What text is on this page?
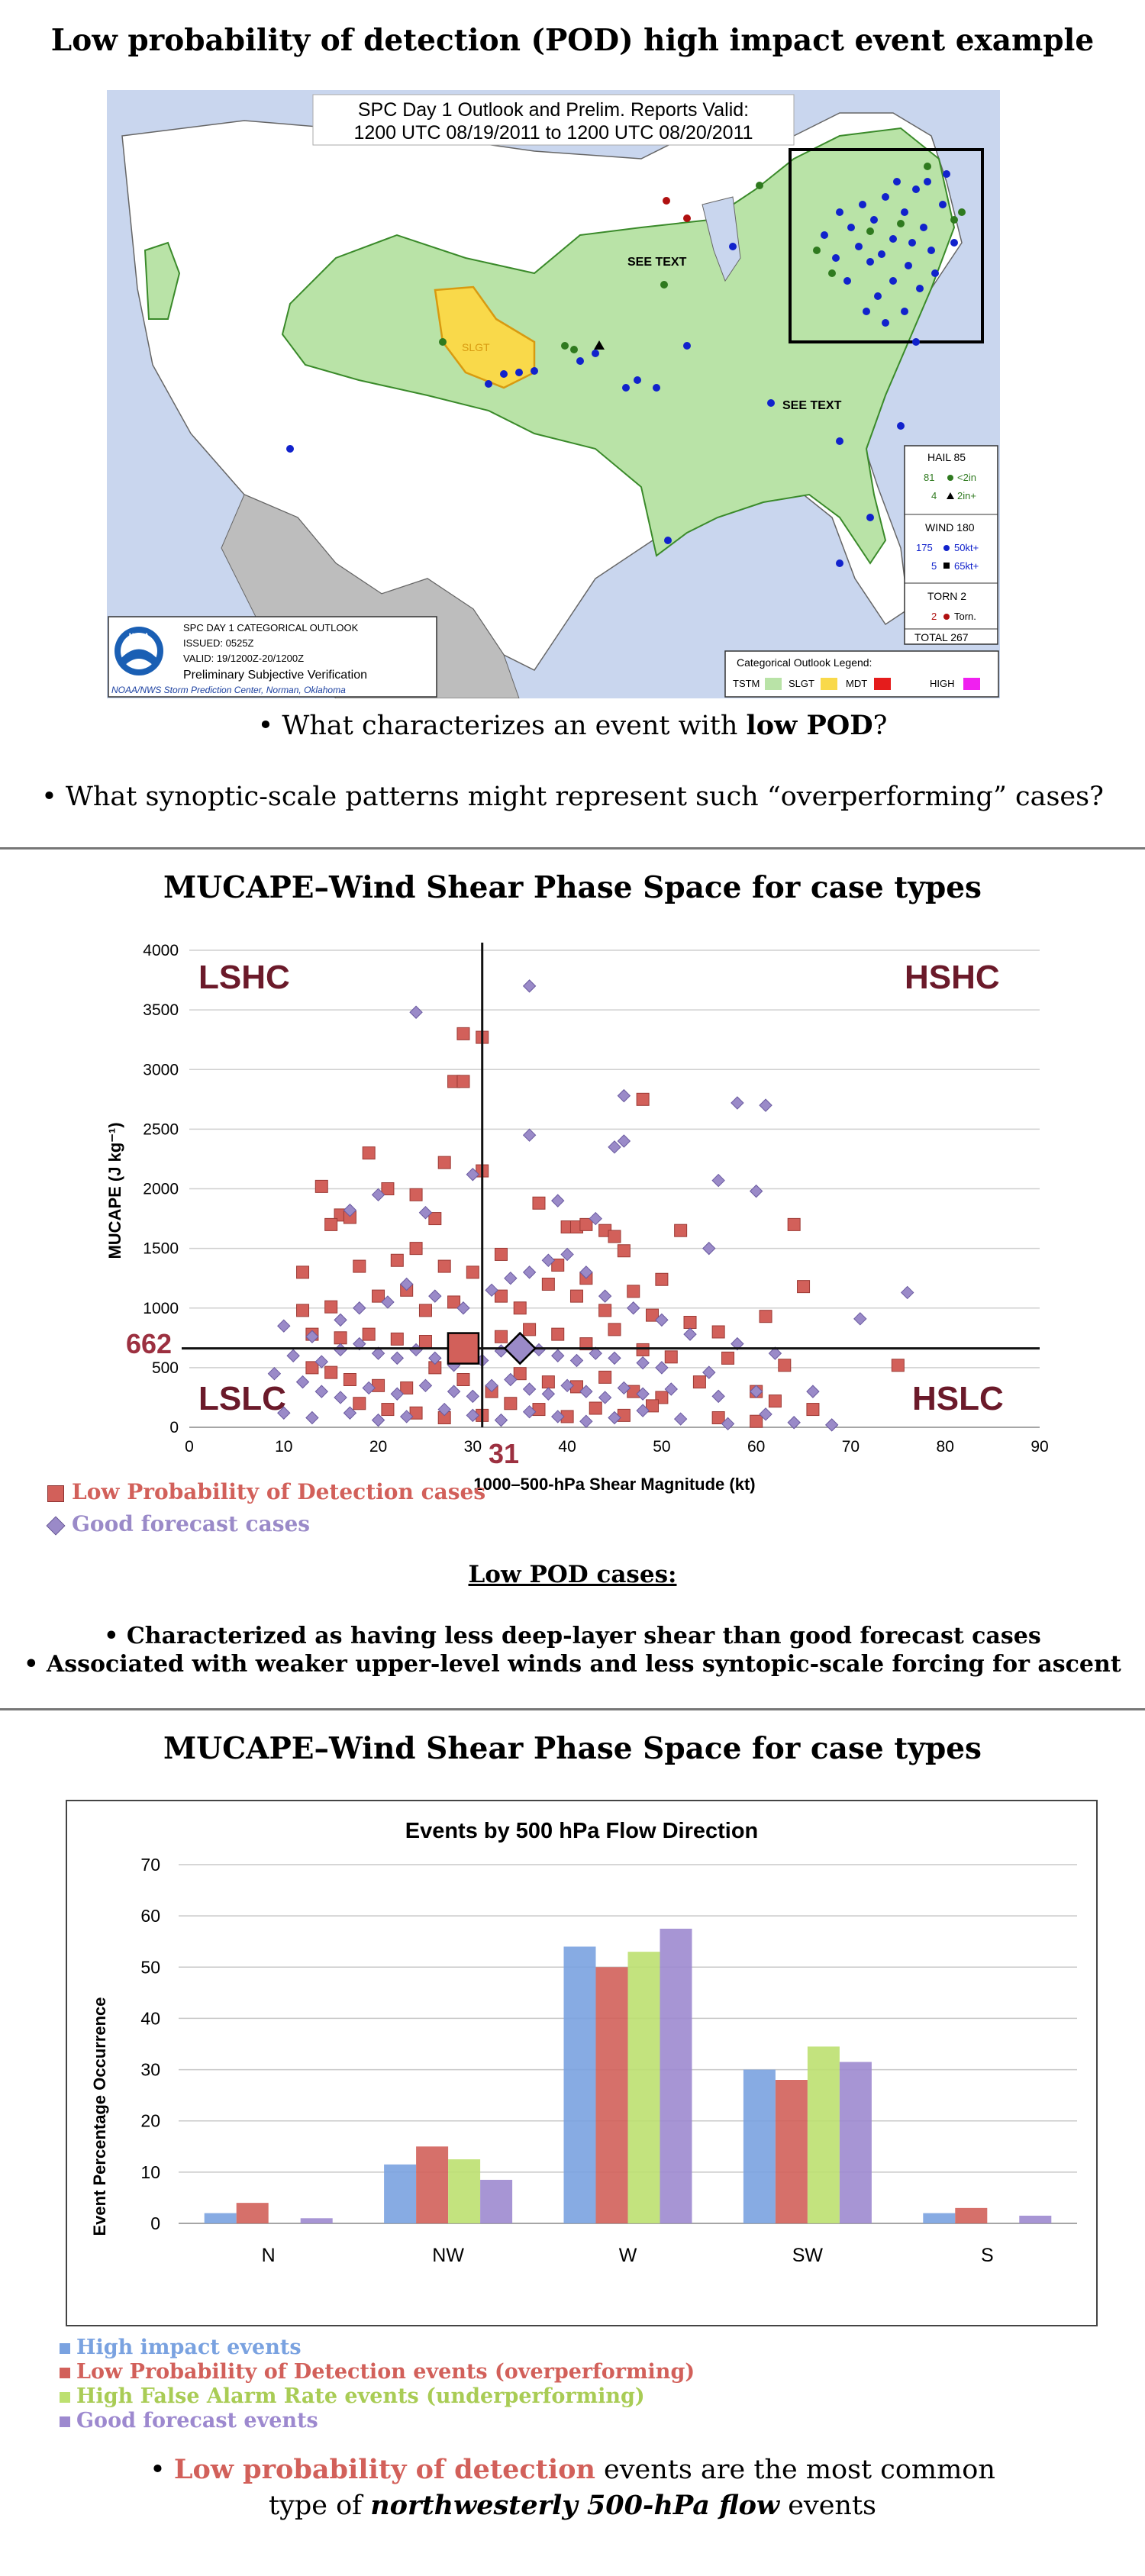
Low probability of detection (POD) high impact event example
SLGT
SPC Day 1 Outlook and Prelim. Reports Valid:
1200 UTC 08/19/2011 to 1200 UTC 08/20/2011
SEE TEXT
SEE TEXT
HAIL 85
81 <2in
4 2in+
WIND 180
175 50kt+
5 65kt+
TORN 2
2 Torn.
TOTAL 267
NOAA
SPC DAY 1 CATEGORICAL OUTLOOK
ISSUED: 0525Z
VALID: 19/1200Z-20/1200Z
Preliminary Subjective Verification
NOAA/NWS Storm Prediction Center, Norman, Oklahoma
Categorical Outlook Legend:
TSTM	SLGT	MDT	HIGH
• What characterizes an event with low POD?
• What synoptic-scale patterns might represent such “overperforming” cases?
MUCAPE–Wind Shear Phase Space for case types
0
500
1000
1500
2000
2500
3000
3500
4000
0	10	20	30	40	50	60	70	80	90
LSHC	HSHC
LSLC	HSLC
662
31
1000–500-hPa Shear Magnitude (kt)
MUCAPE (J kg⁻¹)
Low Probability of Detection cases
Good forecast cases
Low POD cases:
• Characterized as having less deep-layer shear than good forecast cases
• Associated with weaker upper-level winds and less syntopic-scale forcing for ascent
MUCAPE–Wind Shear Phase Space for case types
Events by 500 hPa Flow Direction
0
10
20
30
40
50
60
70
N	NW	W	SW	S
Event Percentage Occurrence
High impact events
Low Probability of Detection events (overperforming)
High False Alarm Rate events (underperforming)
Good forecast events
• Low probability of detection events are the most common
type of northwesterly 500-hPa flow events
